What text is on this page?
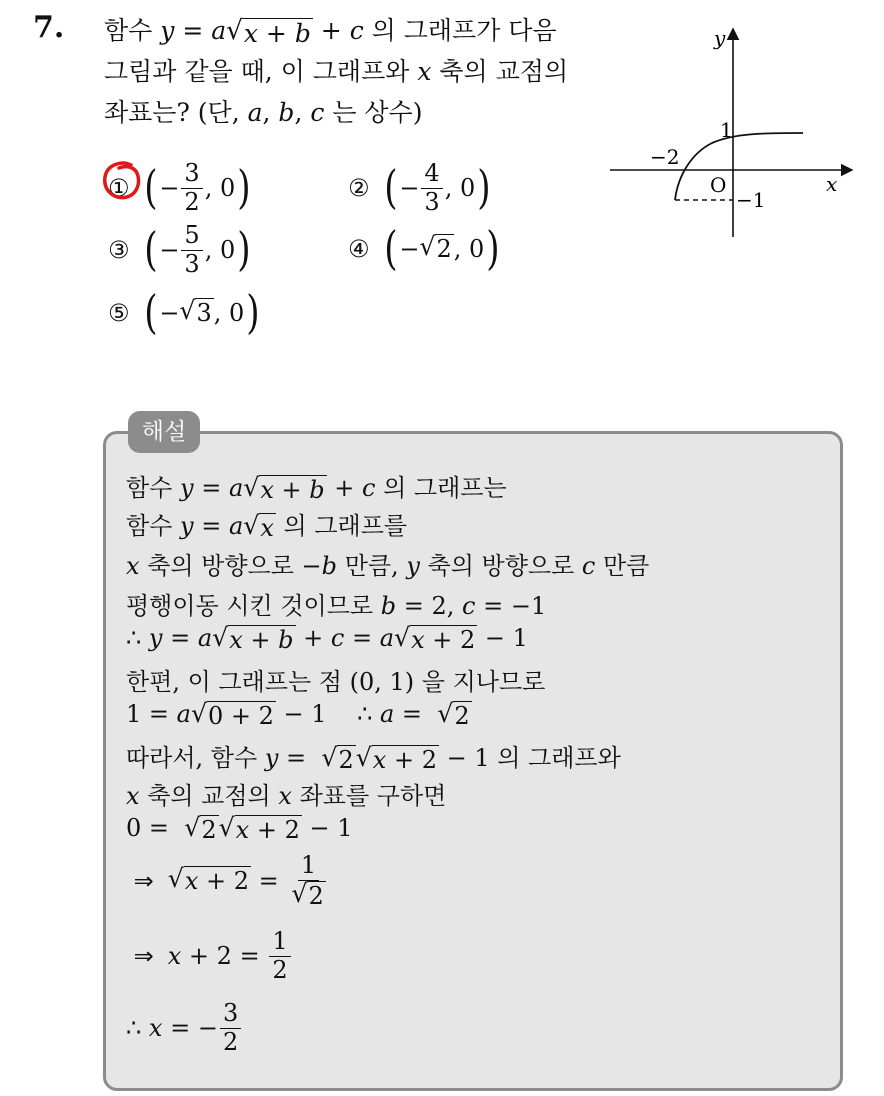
7. 함수 y = a √ x + b + c 의 그래프가 다음
그림과 같을 때, 이 그래프와 x 축의 교점의
좌표는? (단, a, b, c 는 상수)
① ( − $\frac{3}{2}$ , 0 )	② ( − $\frac{4}{3}$ , 0 )
③ ( − $\frac{5}{3}$ , 0 )	④ ( − √ 2 , 0 )
⑤ ( − √ 3 , 0 )
x
y
O
−2
1
−1
해설
함수 y = a √ x + b + c 의 그래프는
함수 y = a √ x 의 그래프를
x 축의 방향으로 −b 만큼, y 축의 방향으로 c 만큼
평행이동 시킨 것이므로 b = 2, c = −1
∴ y = a √ x + b + c = a √ x + 2 − 1
한편, 이 그래프는 점 (0, 1) 을 지나므로
1 = a √ 0 + 2 − 1    ∴ a = √ 2
따라서, 함수 y = √ 2 √ x + 2 − 1 의 그래프와
x 축의 교점의 x 좌표를 구하면
0 = √ 2 √ x + 2 − 1
⇒ √ $x + 2 = \frac{1}{√ 2}$
⇒ $x + 2 = \frac{1}{2}$
∴ x = − $\frac{3}{2}$
